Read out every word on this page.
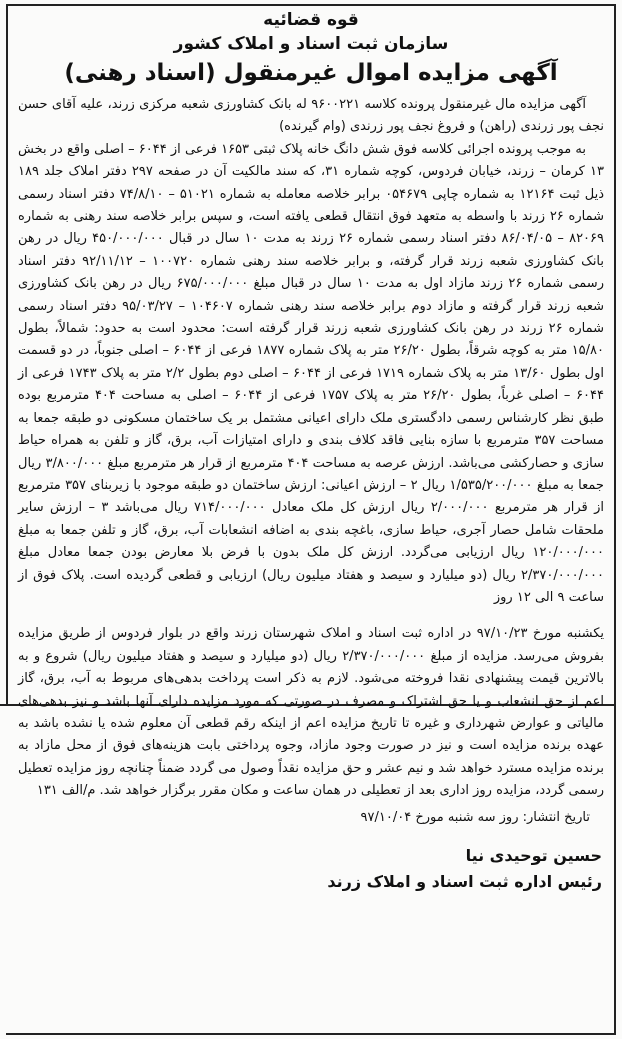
قوه قضائیه

سازمان ثبت اسناد و املاک کشور

آگهی مزایده اموال غیرمنقول (اسناد رهنی)

آگهی مزایده مال غیرمنقول پرونده کلاسه ۹۶۰۰۲۲۱ له بانک کشاورزی شعبه مرکزی زرند، علیه آقای حسن نجف پور زرندی (راهن) و فروغ نجف پور زرندی (وام گیرنده)

به موجب پرونده اجرائی کلاسه فوق شش دانگ خانه پلاک ثبتی ۱۶۵۳ فرعی از ۶۰۴۴ – اصلی واقع در بخش ۱۳ کرمان – زرند، خیابان فردوس، کوچه شماره ۳۱، که سند مالکیت آن در صفحه ۲۹۷ دفتر املاک جلد ۱۸۹ ذیل ثبت ۱۲۱۶۴ به شماره چاپی ۰۵۴۶۷۹ برابر خلاصه معامله به شماره ۵۱۰۲۱ – ۷۴/۸/۱۰ دفتر اسناد رسمی شماره ۲۶ زرند با واسطه به متعهد فوق انتقال قطعی یافته است، و سپس برابر خلاصه سند رهنی به شماره ۸۲۰۶۹ – ۸۶/۰۴/۰۵ دفتر اسناد رسمی شماره ۲۶ زرند به مدت ۱۰ سال در قبال ۴۵۰/۰۰۰/۰۰۰ ریال در رهن بانک کشاورزی شعبه زرند قرار گرفته، و برابر خلاصه سند رهنی شماره ۱۰۰۷۲۰ – ۹۲/۱۱/۱۲ دفتر اسناد رسمی شماره ۲۶ زرند مازاد اول به مدت ۱۰ سال در قبال مبلغ ۶۷۵/۰۰۰/۰۰۰ ریال در رهن بانک کشاورزی شعبه زرند قرار گرفته و مازاد دوم برابر خلاصه سند رهنی شماره ۱۰۴۶۰۷ – ۹۵/۰۳/۲۷ دفتر اسناد رسمی شماره ۲۶ زرند در رهن بانک کشاورزی شعبه زرند قرار گرفته است: محدود است به حدود: شمالاً، بطول ۱۵/۸۰ متر به کوچه شرقاً، بطول ۲۶/۲۰ متر به پلاک شماره ۱۸۷۷ فرعی از ۶۰۴۴ – اصلی جنوباً، در دو قسمت اول بطول ۱۳/۶۰ متر به پلاک شماره ۱۷۱۹ فرعی از ۶۰۴۴ – اصلی دوم بطول ۲/۲ متر به پلاک ۱۷۴۳ فرعی از ۶۰۴۴ – اصلی غرباً، بطول ۲۶/۲۰ متر به پلاک ۱۷۵۷ فرعی از ۶۰۴۴ – اصلی به مساحت ۴۰۴ مترمربع بوده طبق نظر کارشناس رسمی دادگستری ملک دارای اعیانی مشتمل بر یک ساختمان مسکونی دو طبقه جمعا به مساحت ۳۵۷ مترمربع با سازه بنایی فاقد کلاف بندی و دارای امتیازات آب، برق، گاز و تلفن به همراه حیاط سازی و حصارکشی می‌باشد. ارزش عرصه به مساحت ۴۰۴ مترمربع از قرار هر مترمربع مبلغ ۳/۸۰۰/۰۰۰ ریال جمعا به مبلغ ۱/۵۳۵/۲۰۰/۰۰۰ ریال ۲ – ارزش اعیانی: ارزش ساختمان دو طبقه موجود با زیربنای ۳۵۷ مترمربع از قرار هر مترمربع ۲/۰۰۰/۰۰۰ ریال ارزش کل ملک معادل ۷۱۴/۰۰۰/۰۰۰ ریال می‌باشد ۳ – ارزش سایر ملحقات شامل حصار آجری، حیاط سازی، باغچه بندی به اضافه انشعابات آب، برق، گاز و تلفن جمعا به مبلغ ۱۲۰/۰۰۰/۰۰۰ ریال ارزیابی می‌گردد. ارزش کل ملک بدون با فرض بلا معارض بودن جمعا معادل مبلغ ۲/۳۷۰/۰۰۰/۰۰۰ ریال (دو میلیارد و سیصد و هفتاد میلیون ریال) ارزیابی و قطعی گردیده است. پلاک فوق از ساعت ۹ الی ۱۲ روز

یکشنبه مورخ ۹۷/۱۰/۲۳ در اداره ثبت اسناد و املاک شهرستان زرند واقع در بلوار فردوس از طریق مزایده بفروش می‌رسد. مزایده از مبلغ ۲/۳۷۰/۰۰۰/۰۰۰ ریال (دو میلیارد و سیصد و هفتاد میلیون ریال) شروع و به بالاترین قیمت پیشنهادی نقدا فروخته می‌شود. لازم به ذکر است پرداخت بدهی‌های مربوط به آب، برق، گاز اعم از حق انشعاب و یا حق اشتراک و مصرف در صورتی که مورد مزایده دارای آنها باشد و نیز بدهی‌های مالیاتی و عوارض شهرداری و غیره تا تاریخ مزایده اعم از اینکه رقم قطعی آن معلوم شده یا نشده باشد به عهده برنده مزایده است و نیز در صورت وجود مازاد، وجوه پرداختی بابت هزینه‌های فوق از محل مازاد به برنده مزایده مسترد خواهد شد و نیم عشر و حق مزایده نقداً وصول می گردد ضمناً چنانچه روز مزایده تعطیل رسمی گردد، مزایده روز اداری بعد از تعطیلی در همان ساعت و مکان مقرر برگزار خواهد شد. م/الف ۱۳۱

تاریخ انتشار: روز سه شنبه مورخ ۹۷/۱۰/۰۴

حسین توحیدی نیا

رئیس اداره ثبت اسناد و املاک زرند
